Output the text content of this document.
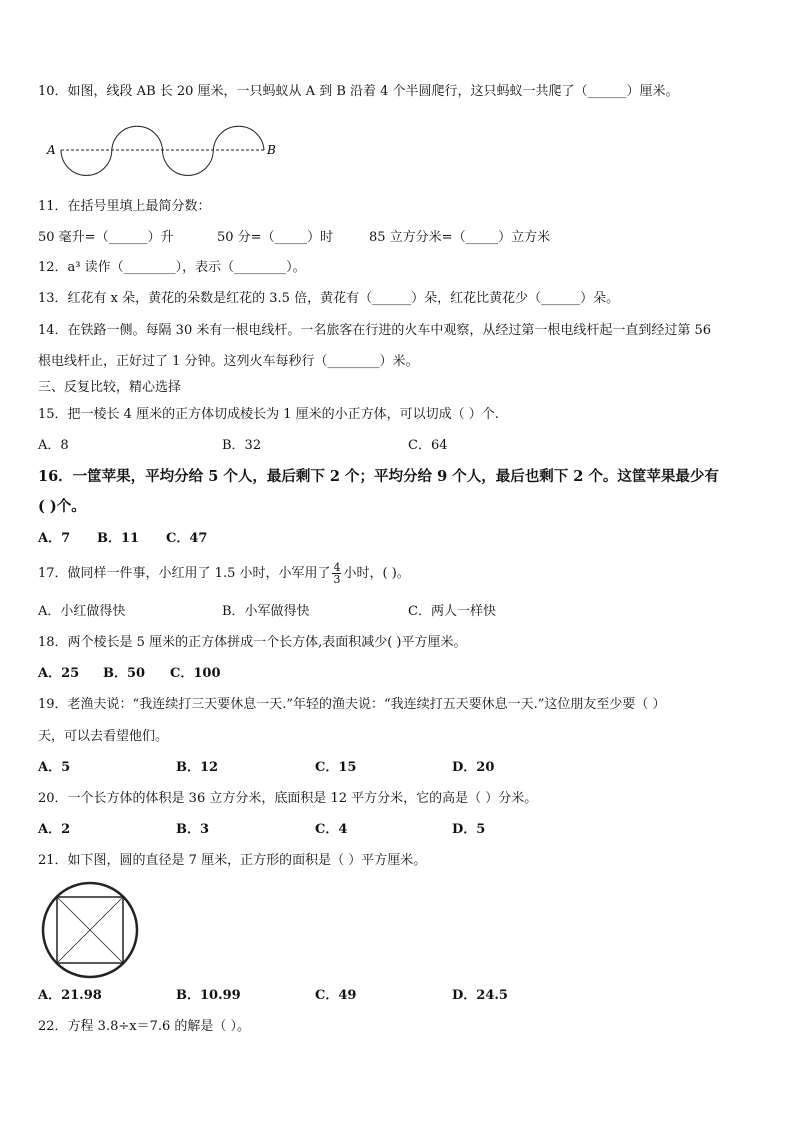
10．如图，线段 AB 长 20 厘米，一只蚂蚁从 A 到 B 沿着 4 个半圆爬行，这只蚂蚁一共爬了（______）厘米。
A	B
11．在括号里填上最简分数：
50 毫升=（______）升	50 分=（_____）时	85 立方分米=（_____）立方米
12．a³ 读作（________），表示（________）。
13．红花有 x 朵，黄花的朵数是红花的 3.5 倍，黄花有（______）朵，红花比黄花少（______）朵。
14．在铁路一侧。每隔 30 米有一根电线杆。一名旅客在行进的火车中观察，从经过第一根电线杆起一直到经过第 56
根电线杆止，正好过了 1 分钟。这列火车每秒行（________）米。
三、反复比较，精心选择
15．把一棱长 4 厘米的正方体切成棱长为 1 厘米的小正方体，可以切成（ ）个.
A．8	B．32	C．64
16．一筐苹果，平均分给 5 个人，最后剩下 2 个；平均分给 9 个人，最后也剩下 2 个。这筐苹果最少有
( )个。
A．7 B．11 C．47
17．做同样一件事，小红用了 1.5 小时，小军用了 $\frac{4}{3}$ 小时，( )。
A．小红做得快	B．小军做得快	C．两人一样快
18．两个棱长是 5 厘米的正方体拼成一个长方体,表面积减少( )平方厘米。
A．25 B．50 C．100
19．老渔夫说：“我连续打三天要休息一天.”年轻的渔夫说：“我连续打五天要休息一天.”这位朋友至少要（ ）
天，可以去看望他们。
A．5	B．12	C．15	D．20
20．一个长方体的体积是 36 立方分米，底面积是 12 平方分米，它的高是（ ）分米。
A．2	B．3	C．4	D．5
21．如下图，圆的直径是 7 厘米，正方形的面积是（ ）平方厘米。
A．21.98	B．10.99	C．49	D．24.5
22．方程 3.8÷x＝7.6 的解是（ ）。
